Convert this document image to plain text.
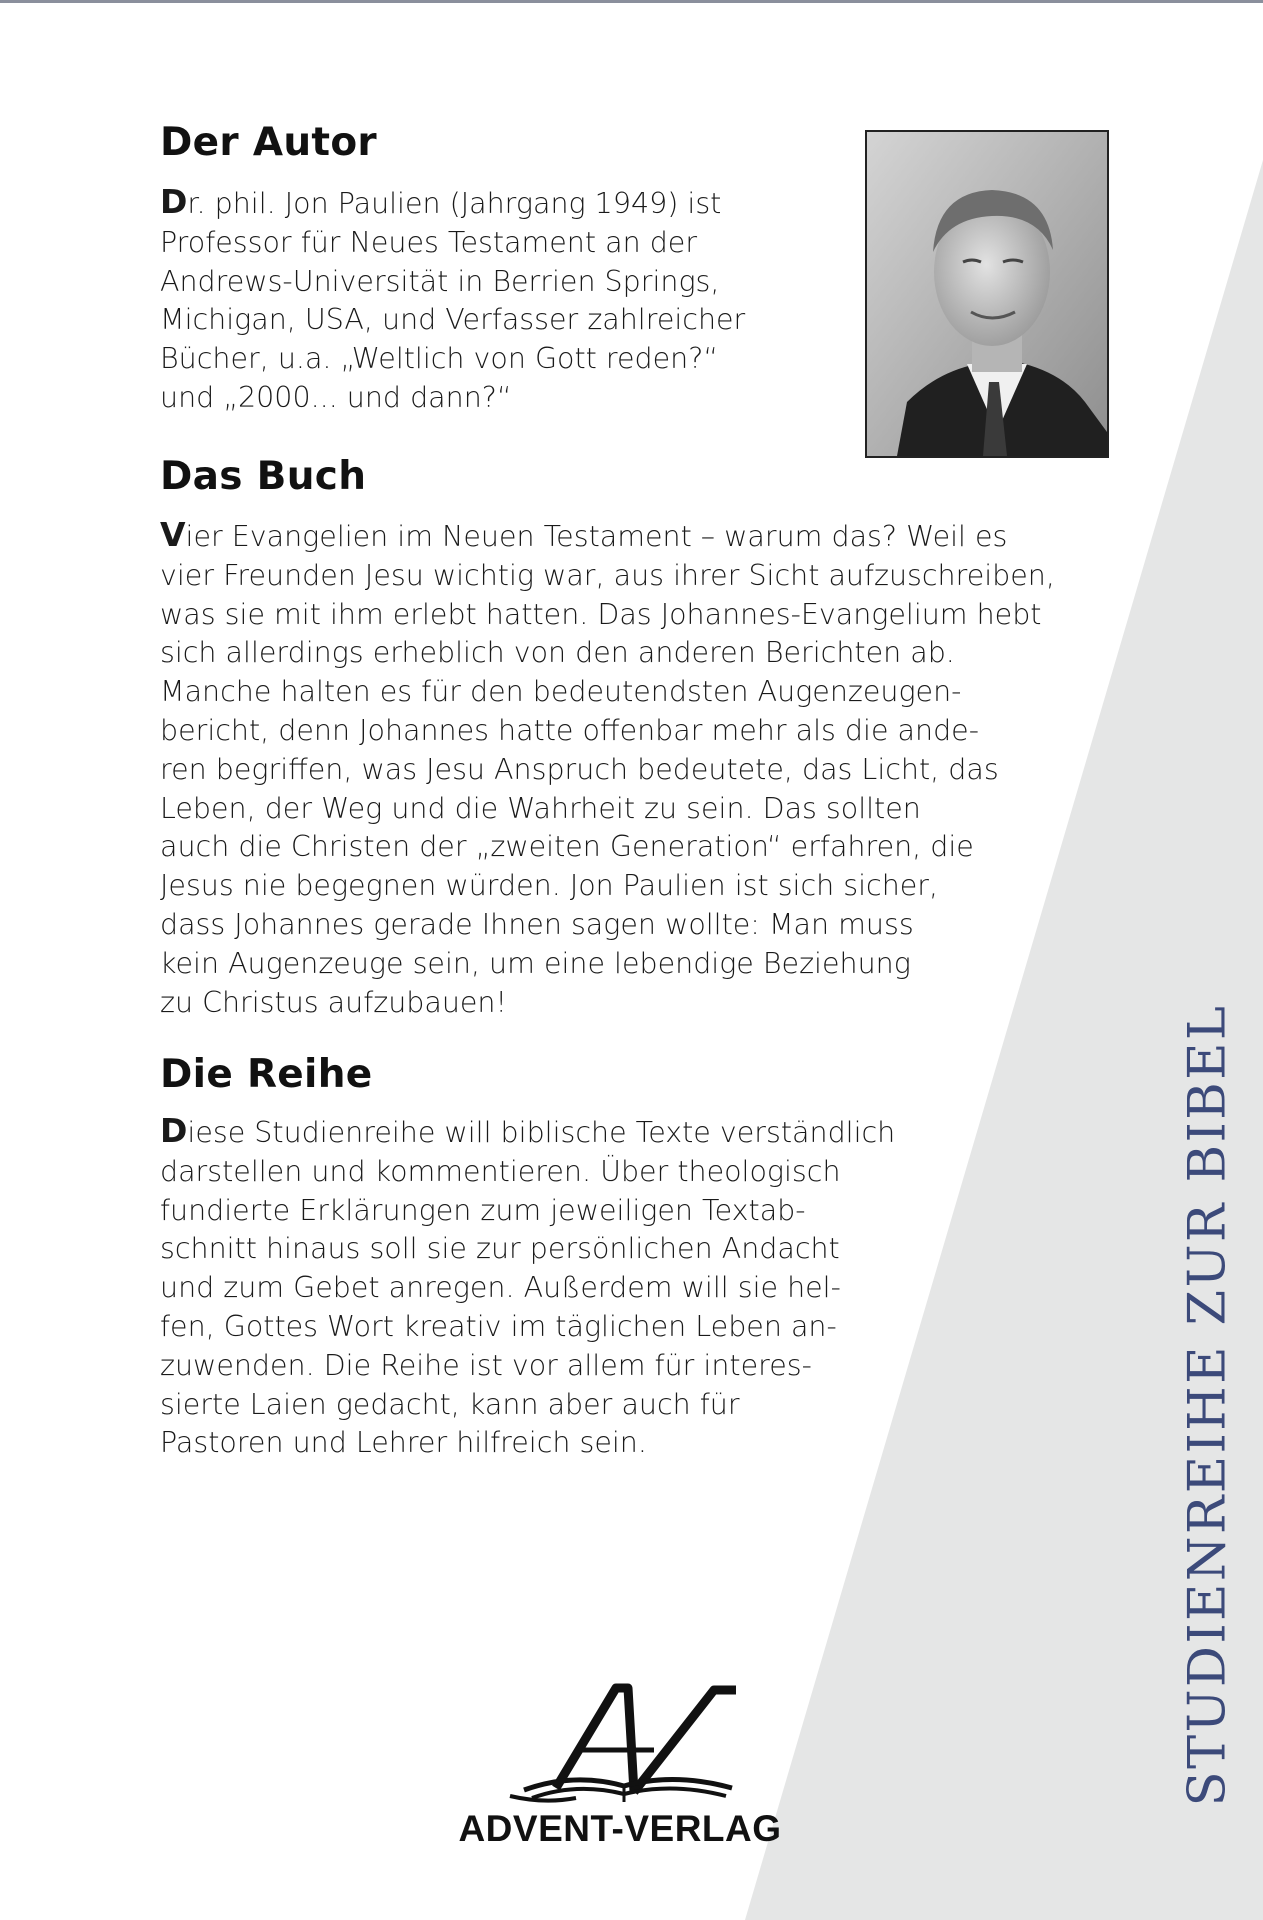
Der Autor
Dr. phil. Jon Paulien (Jahrgang 1949) ist
Professor für Neues Testament an der
Andrews-Universität in Berrien Springs,
Michigan, USA, und Verfasser zahlreicher
Bücher, u.a. „Weltlich von Gott reden?“
und „2000... und dann?“
Das Buch
Vier Evangelien im Neuen Testament – warum das? Weil es
vier Freunden Jesu wichtig war, aus ihrer Sicht aufzuschreiben,
was sie mit ihm erlebt hatten. Das Johannes-Evangelium hebt
sich allerdings erheblich von den anderen Berichten ab.
Manche halten es für den bedeutendsten Augenzeugen-
bericht, denn Johannes hatte offenbar mehr als die ande-
ren begriffen, was Jesu Anspruch bedeutete, das Licht, das
Leben, der Weg und die Wahrheit zu sein. Das sollten
auch die Christen der „zweiten Generation“ erfahren, die
Jesus nie begegnen würden. Jon Paulien ist sich sicher,
dass Johannes gerade Ihnen sagen wollte: Man muss
kein Augenzeuge sein, um eine lebendige Beziehung
zu Christus aufzubauen!
Die Reihe
Diese Studienreihe will biblische Texte verständlich
darstellen und kommentieren. Über theologisch
fundierte Erklärungen zum jeweiligen Textab-
schnitt hinaus soll sie zur persönlichen Andacht
und zum Gebet anregen. Außerdem will sie hel-
fen, Gottes Wort kreativ im täglichen Leben an-
zuwenden. Die Reihe ist vor allem für interes-
sierte Laien gedacht, kann aber auch für
Pastoren und Lehrer hilfreich sein.	STUDIENREIHE ZUR BIBEL

ADVENT-VERLAG
